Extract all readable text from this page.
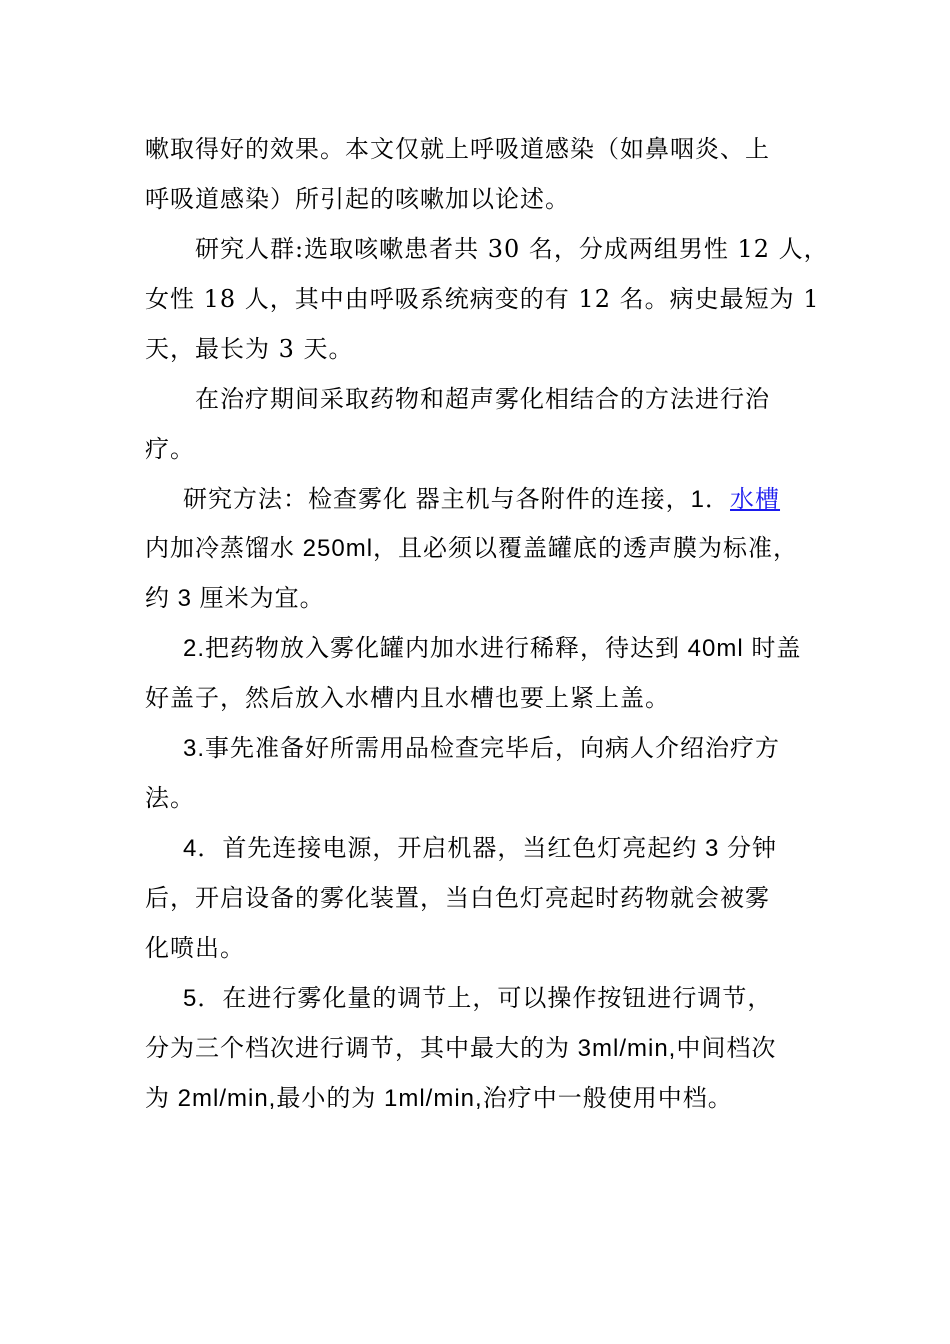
嗽取得好的效果。本文仅就上呼吸道感染（如鼻咽炎、上
呼吸道感染）所引起的咳嗽加以论述。
研究人群:选取咳嗽患者共 30 名，分成两组男性 12 人，
女性 18 人，其中由呼吸系统病变的有 12 名。病史最短为 1
天，最长为 3 天。
在治疗期间采取药物和超声雾化相结合的方法进行治
疗。
研究方法：检查雾化 器主机与各附件的连接，1．水槽
内加冷蒸馏水 250ml，且必须以覆盖罐底的透声膜为标准，
约 3 厘米为宜。
2.把药物放入雾化罐内加水进行稀释，待达到 40ml 时盖
好盖子，然后放入水槽内且水槽也要上紧上盖。
3.事先准备好所需用品检查完毕后，向病人介绍治疗方
法。
4．首先连接电源，开启机器，当红色灯亮起约 3 分钟
后，开启设备的雾化装置，当白色灯亮起时药物就会被雾
化喷出。
5．在进行雾化量的调节上，可以操作按钮进行调节，
分为三个档次进行调节，其中最大的为 3ml/min,中间档次
为 2ml/min,最小的为 1ml/min,治疗中一般使用中档。
